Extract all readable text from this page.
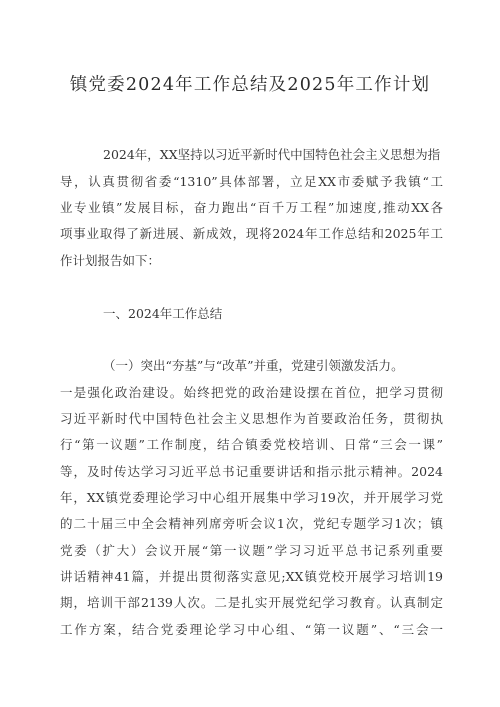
镇党委2024年工作总结及2025年工作计划
2024年，XX坚持以习近平新时代中国特色社会主义思想为指
导，认真贯彻省委“1310”具体部署，立足XX市委赋予我镇“工
业专业镇”发展目标，奋力跑出“百千万工程”加速度,推动XX各
项事业取得了新进展、新成效，现将2024年工作总结和2025年工
作计划报告如下：
一、2024年工作总结
（一）突出“夯基”与“改革”并重，党建引领激发活力。
一是强化政治建设。始终把党的政治建设摆在首位，把学习贯彻
习近平新时代中国特色社会主义思想作为首要政治任务，贯彻执
行“第一议题”工作制度，结合镇委党校培训、日常“三会一课”
等，及时传达学习习近平总书记重要讲话和指示批示精神。2024
年，XX镇党委理论学习中心组开展集中学习19次，并开展学习党
的二十届三中全会精神列席旁听会议1次，党纪专题学习1次；镇
党委（扩大）会议开展“第一议题”学习习近平总书记系列重要
讲话精神41篇，并提出贯彻落实意见;XX镇党校开展学习培训19
期，培训干部2139人次。二是扎实开展党纪学习教育。认真制定
工作方案，结合党委理论学习中心组、“第一议题”、“三会一
